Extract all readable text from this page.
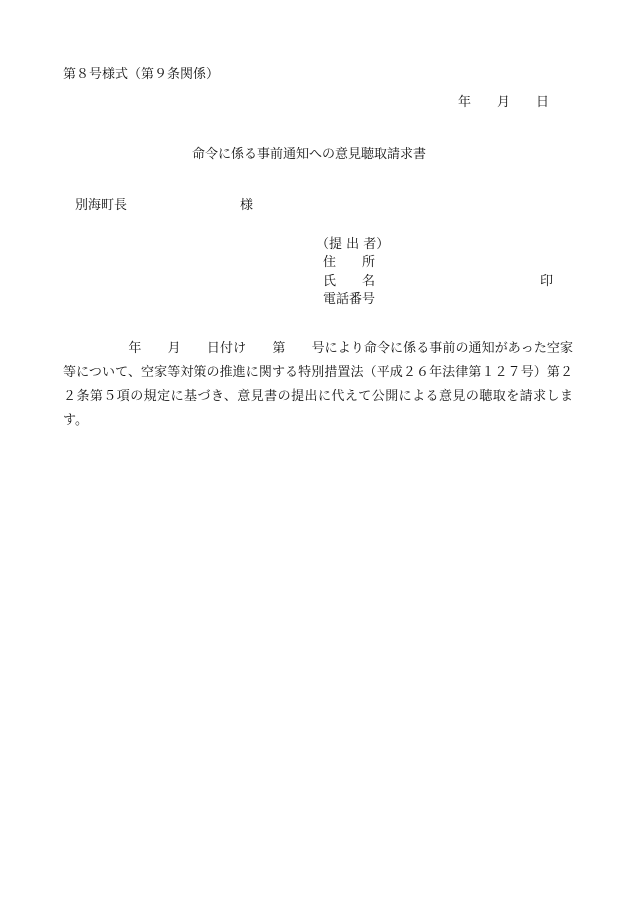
第８号様式（第９条関係）
年　　月　　日
命令に係る事前通知への意見聴取請求書
別海町長	様
（提 出 者）
住　　所
氏　　名
電話番号
印
　　　　　年　　月　　日付け　　第　　号により命令に係る事前の通知があった空家等について、空家等対策の推進に関する特別措置法（平成２６年法律第１２７号）第２２条第５項の規定に基づき、意見書の提出に代えて公開による意見の聴取を請求します。
